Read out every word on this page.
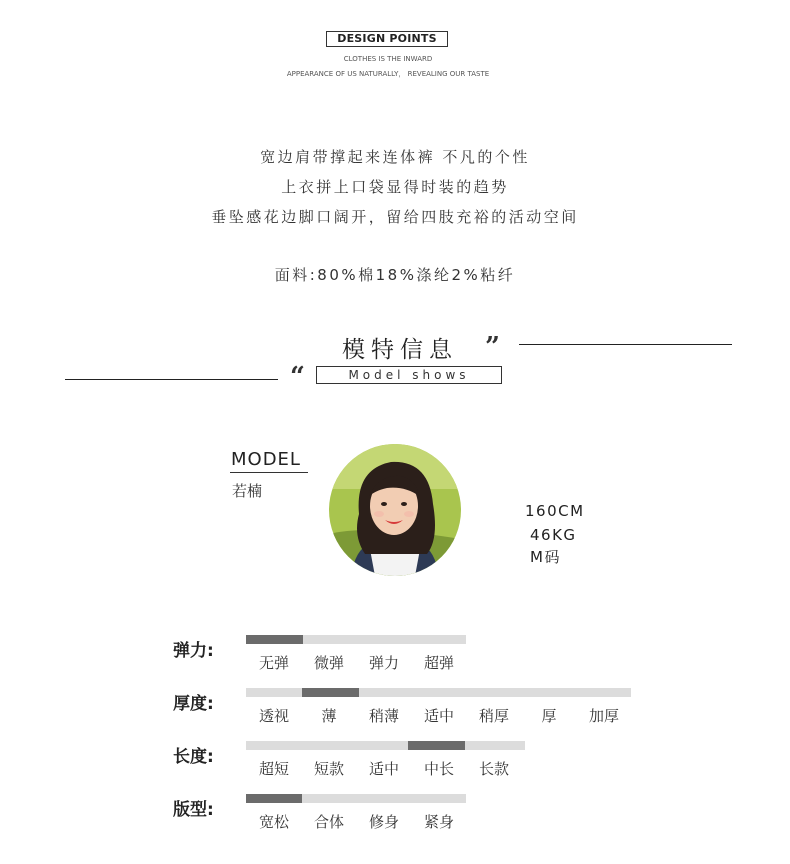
DESIGN POINTS
CLOTHES IS THE INWARD
APPEARANCE OF US NATURALLY， REVEALING OUR TASTE
宽边肩带撑起来连体裤 不凡的个性
上衣拼上口袋显得时装的趋势
垂坠感花边脚口阔开，留给四肢充裕的活动空间
面料:80%棉18%涤纶2%粘纤
模特信息 ”
“	Model shows
MODEL
若楠
160CM
46KG
M码
弹力:
无弹	微弹	弹力	超弹
厚度:
透视	薄	稍薄	适中	稍厚	厚	加厚
长度:
超短	短款	适中	中长	长款
版型:
宽松	合体	修身	紧身
